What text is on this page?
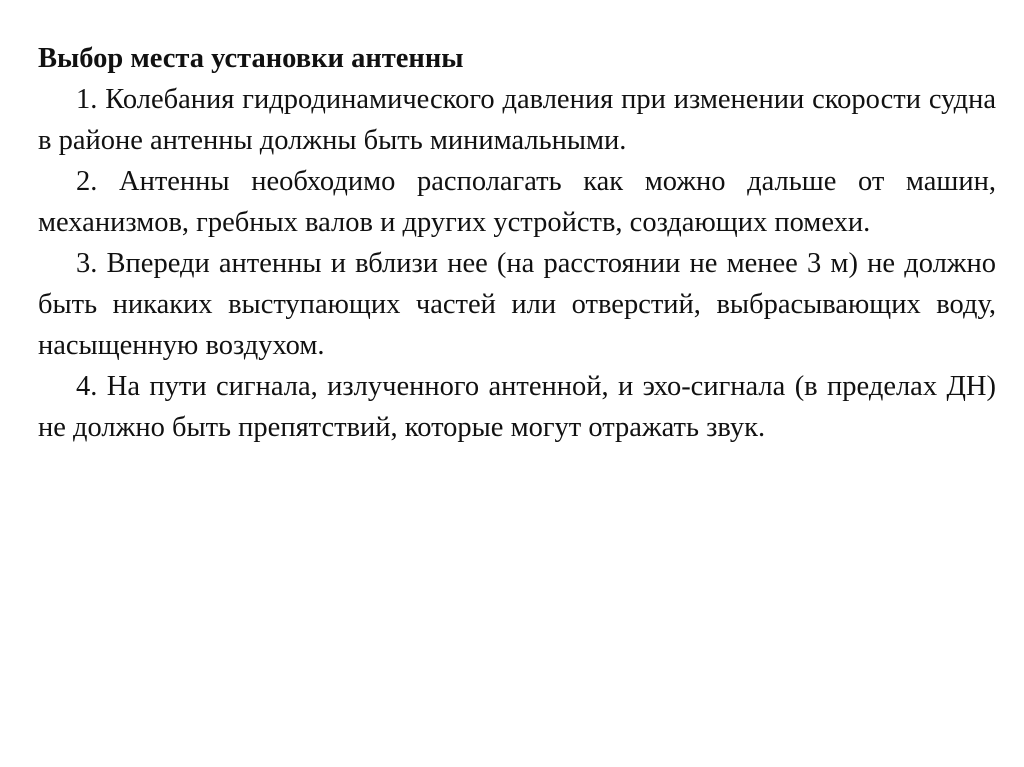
Выбор места установки антенны

1. Колебания гидродинамического давления при изменении скорости судна в районе антенны должны быть минимальными.

2. Антенны необходимо располагать как можно дальше от машин, механизмов, гребных валов и других устройств, создающих помехи.

3. Впереди антенны и вблизи нее (на расстоянии не менее 3 м) не должно быть никаких выступающих частей или отверстий, выбрасывающих воду, насыщенную воздухом.

4. На пути сигнала, излученного антенной, и эхо-сигнала (в пределах ДН) не должно быть препятствий, которые могут отражать звук.
